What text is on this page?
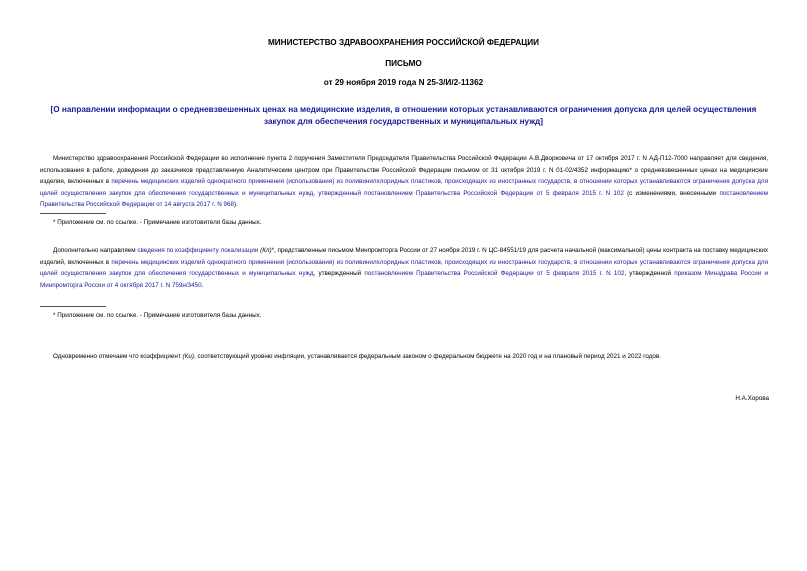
МИНИСТЕРСТВО ЗДРАВООХРАНЕНИЯ РОССИЙСКОЙ ФЕДЕРАЦИИ
ПИСЬМО
от 29 ноября 2019 года N 25-3/И/2-11362
[О направлении информации о средневзвешенных ценах на медицинские изделия, в отношении которых устанавливаются ограничения допуска для целей осуществления закупок для обеспечения государственных и муниципальных нужд]
Министерство здравоохранения Российской Федерации во исполнение пункта 2 поручения Заместителя Председателя Правительства Российской Федерации А.В.Дворковича от 17 октября 2017 г. N АД-П12-7000 направляет для сведения, использования в работе, доведения до заказчиков представленную Аналитическим центром при Правительстве Российской Федерации письмом от 31 октября 2019 г. N 01-02/4352 информацию* о средневзвешенных ценах на медицинские изделия, включенных в перечень медицинских изделий однократного применения (использования) из поливинилхлоридных пластиков, происходящих из иностранных государств, в отношении которых устанавливаются ограничения допуска для целей осуществления закупок для обеспечения государственных и муниципальных нужд, утвержденный постановлением Правительства Российской Федерации от 5 февраля 2015 г. N 102 (с изменениями, внесенными постановлением Правительства Российской Федерации от 14 августа 2017 г. N 968).
* Приложение см. по ссылке. - Примечание изготовителя базы данных.
Дополнительно направляем сведения по коэффициенту локализации (Кл)*, представленные письмом Минпромторга России от 27 ноября 2019 г. N ЦС-84551/19 для расчета начальной (максимальной) цены контракта на поставку медицинских изделий, включенных в перечень медицинских изделий однократного применения (использования) из поливинилхлоридных пластиков, происходящих из иностранных государств, в отношении которых устанавливаются ограничения допуска для целей осуществления закупок для обеспечения государственных и муниципальных нужд, утвержденный постановлением Правительства Российской Федерации от 5 февраля 2015 г. N 102, утвержденной приказом Минздрава России и Минпромторга России от 4 октября 2017 г. N 759н/3450.
* Приложение см. по ссылке. - Примечание изготовителя базы данных.
Одновременно отмечаем что коэффициент (Ки), соответствующий уровню инфляции, устанавливается федеральным законом о федеральном бюджете на 2020 год и на плановый период 2021 и 2022 годов.
Н.А.Хорова
